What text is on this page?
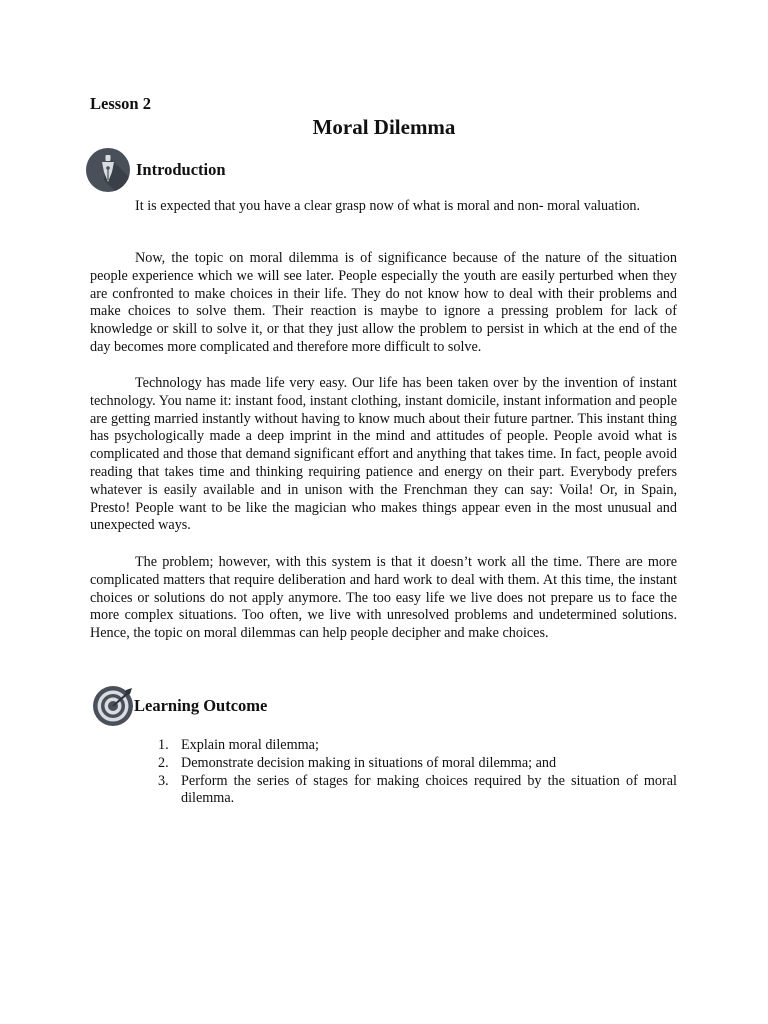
Lesson 2

Moral Dilemma
Introduction

It is expected that you have a clear grasp now of what is moral and non- moral valuation.

Now, the topic on moral dilemma is of significance because of the nature of the situation people experience which we will see later. People especially the youth are easily perturbed when they are confronted to make choices in their life. They do not know how to deal with their problems and make choices to solve them. Their reaction is maybe to ignore a pressing problem for lack of knowledge or skill to solve it, or that they just allow the problem to persist in which at the end of the day becomes more complicated and therefore more difficult to solve.

Technology has made life very easy. Our life has been taken over by the invention of instant technology. You name it: instant food, instant clothing, instant domicile, instant information and people are getting married instantly without having to know much about their future partner. This instant thing has psychologically made a deep imprint in the mind and attitudes of people. People avoid what is complicated and those that demand significant effort and anything that takes time. In fact, people avoid reading that takes time and thinking requiring patience and energy on their part. Everybody prefers whatever is easily available and in unison with the Frenchman they can say: Voila! Or, in Spain, Presto! People want to be like the magician who makes things appear even in the most unusual and unexpected ways.

The problem; however, with this system is that it doesn’t work all the time. There are more complicated matters that require deliberation and hard work to deal with them. At this time, the instant choices or solutions do not apply anymore. The too easy life we live does not prepare us to face the more complex situations. Too often, we live with unresolved problems and undetermined solutions. Hence, the topic on moral dilemmas can help people decipher and make choices.

Learning Outcome
1. Explain moral dilemma;
2. Demonstrate decision making in situations of moral dilemma; and
3. Perform the series of stages for making choices required by the situation of moral dilemma.
